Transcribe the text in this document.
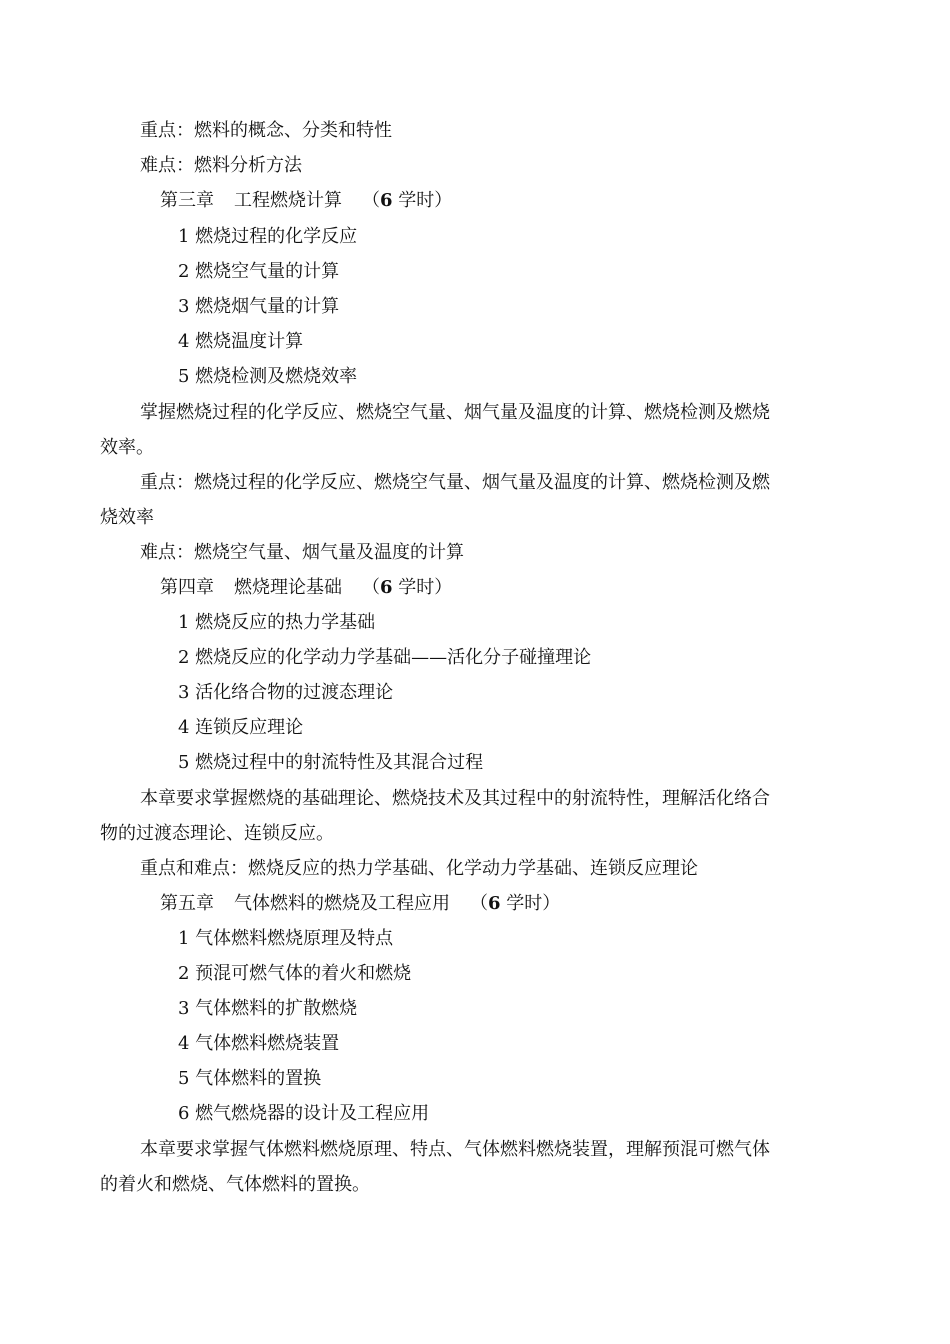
重点：燃料的概念、分类和特性
难点：燃料分析方法
第三章 工程燃烧计算 （6 学时）
1 燃烧过程的化学反应
2 燃烧空气量的计算
3 燃烧烟气量的计算
4 燃烧温度计算
5 燃烧检测及燃烧效率
掌握燃烧过程的化学反应、燃烧空气量、烟气量及温度的计算、燃烧检测及燃烧
效率。
重点：燃烧过程的化学反应、燃烧空气量、烟气量及温度的计算、燃烧检测及燃
烧效率
难点：燃烧空气量、烟气量及温度的计算
第四章 燃烧理论基础 （6 学时）
1 燃烧反应的热力学基础
2 燃烧反应的化学动力学基础——活化分子碰撞理论
3 活化络合物的过渡态理论
4 连锁反应理论
5 燃烧过程中的射流特性及其混合过程
本章要求掌握燃烧的基础理论、燃烧技术及其过程中的射流特性，理解活化络合
物的过渡态理论、连锁反应。
重点和难点：燃烧反应的热力学基础、化学动力学基础、连锁反应理论
第五章 气体燃料的燃烧及工程应用 （6 学时）
1 气体燃料燃烧原理及特点
2 预混可燃气体的着火和燃烧
3 气体燃料的扩散燃烧
4 气体燃料燃烧装置
5 气体燃料的置换
6 燃气燃烧器的设计及工程应用
本章要求掌握气体燃料燃烧原理、特点、气体燃料燃烧装置，理解预混可燃气体
的着火和燃烧、气体燃料的置换。
